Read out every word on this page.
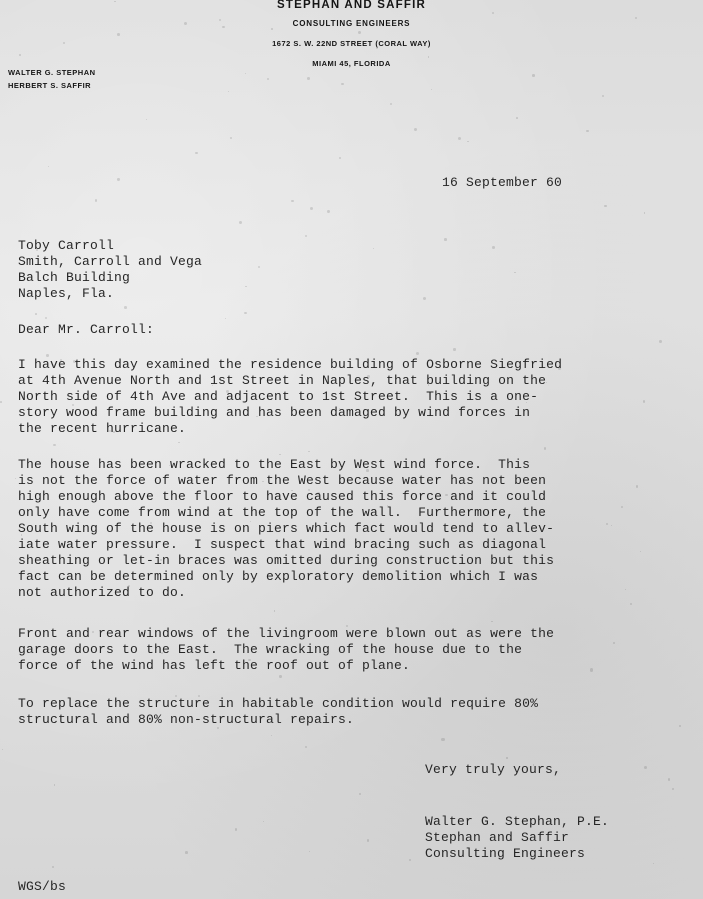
STEPHAN AND SAFFIR
CONSULTING ENGINEERS
1672 S. W. 22ND STREET (CORAL WAY)
MIAMI 45, FLORIDA
WALTER G. STEPHAN
HERBERT S. SAFFIR
16 September 60
Toby Carroll
Smith, Carroll and Vega
Balch Building
Naples, Fla.
Dear Mr. Carroll:
I have this day examined the residence building of Osborne Siegfried
at 4th Avenue North and 1st Street in Naples, that building on the
North side of 4th Ave and adjacent to 1st Street.  This is a one-
story wood frame building and has been damaged by wind forces in
the recent hurricane.
The house has been wracked to the East by West wind force.  This
is not the force of water from the West because water has not been
high enough above the floor to have caused this force and it could
only have come from wind at the top of the wall.  Furthermore, the
South wing of the house is on piers which fact would tend to allev-
iate water pressure.  I suspect that wind bracing such as diagonal
sheathing or let-in braces was omitted during construction but this
fact can be determined only by exploratory demolition which I was
not authorized to do.
Front and rear windows of the livingroom were blown out as were the
garage doors to the East.  The wracking of the house due to the
force of the wind has left the roof out of plane.
To replace the structure in habitable condition would require 80%
structural and 80% non-structural repairs.
Very truly yours,
Walter G. Stephan, P.E.
Stephan and Saffir
Consulting Engineers
WGS/bs
